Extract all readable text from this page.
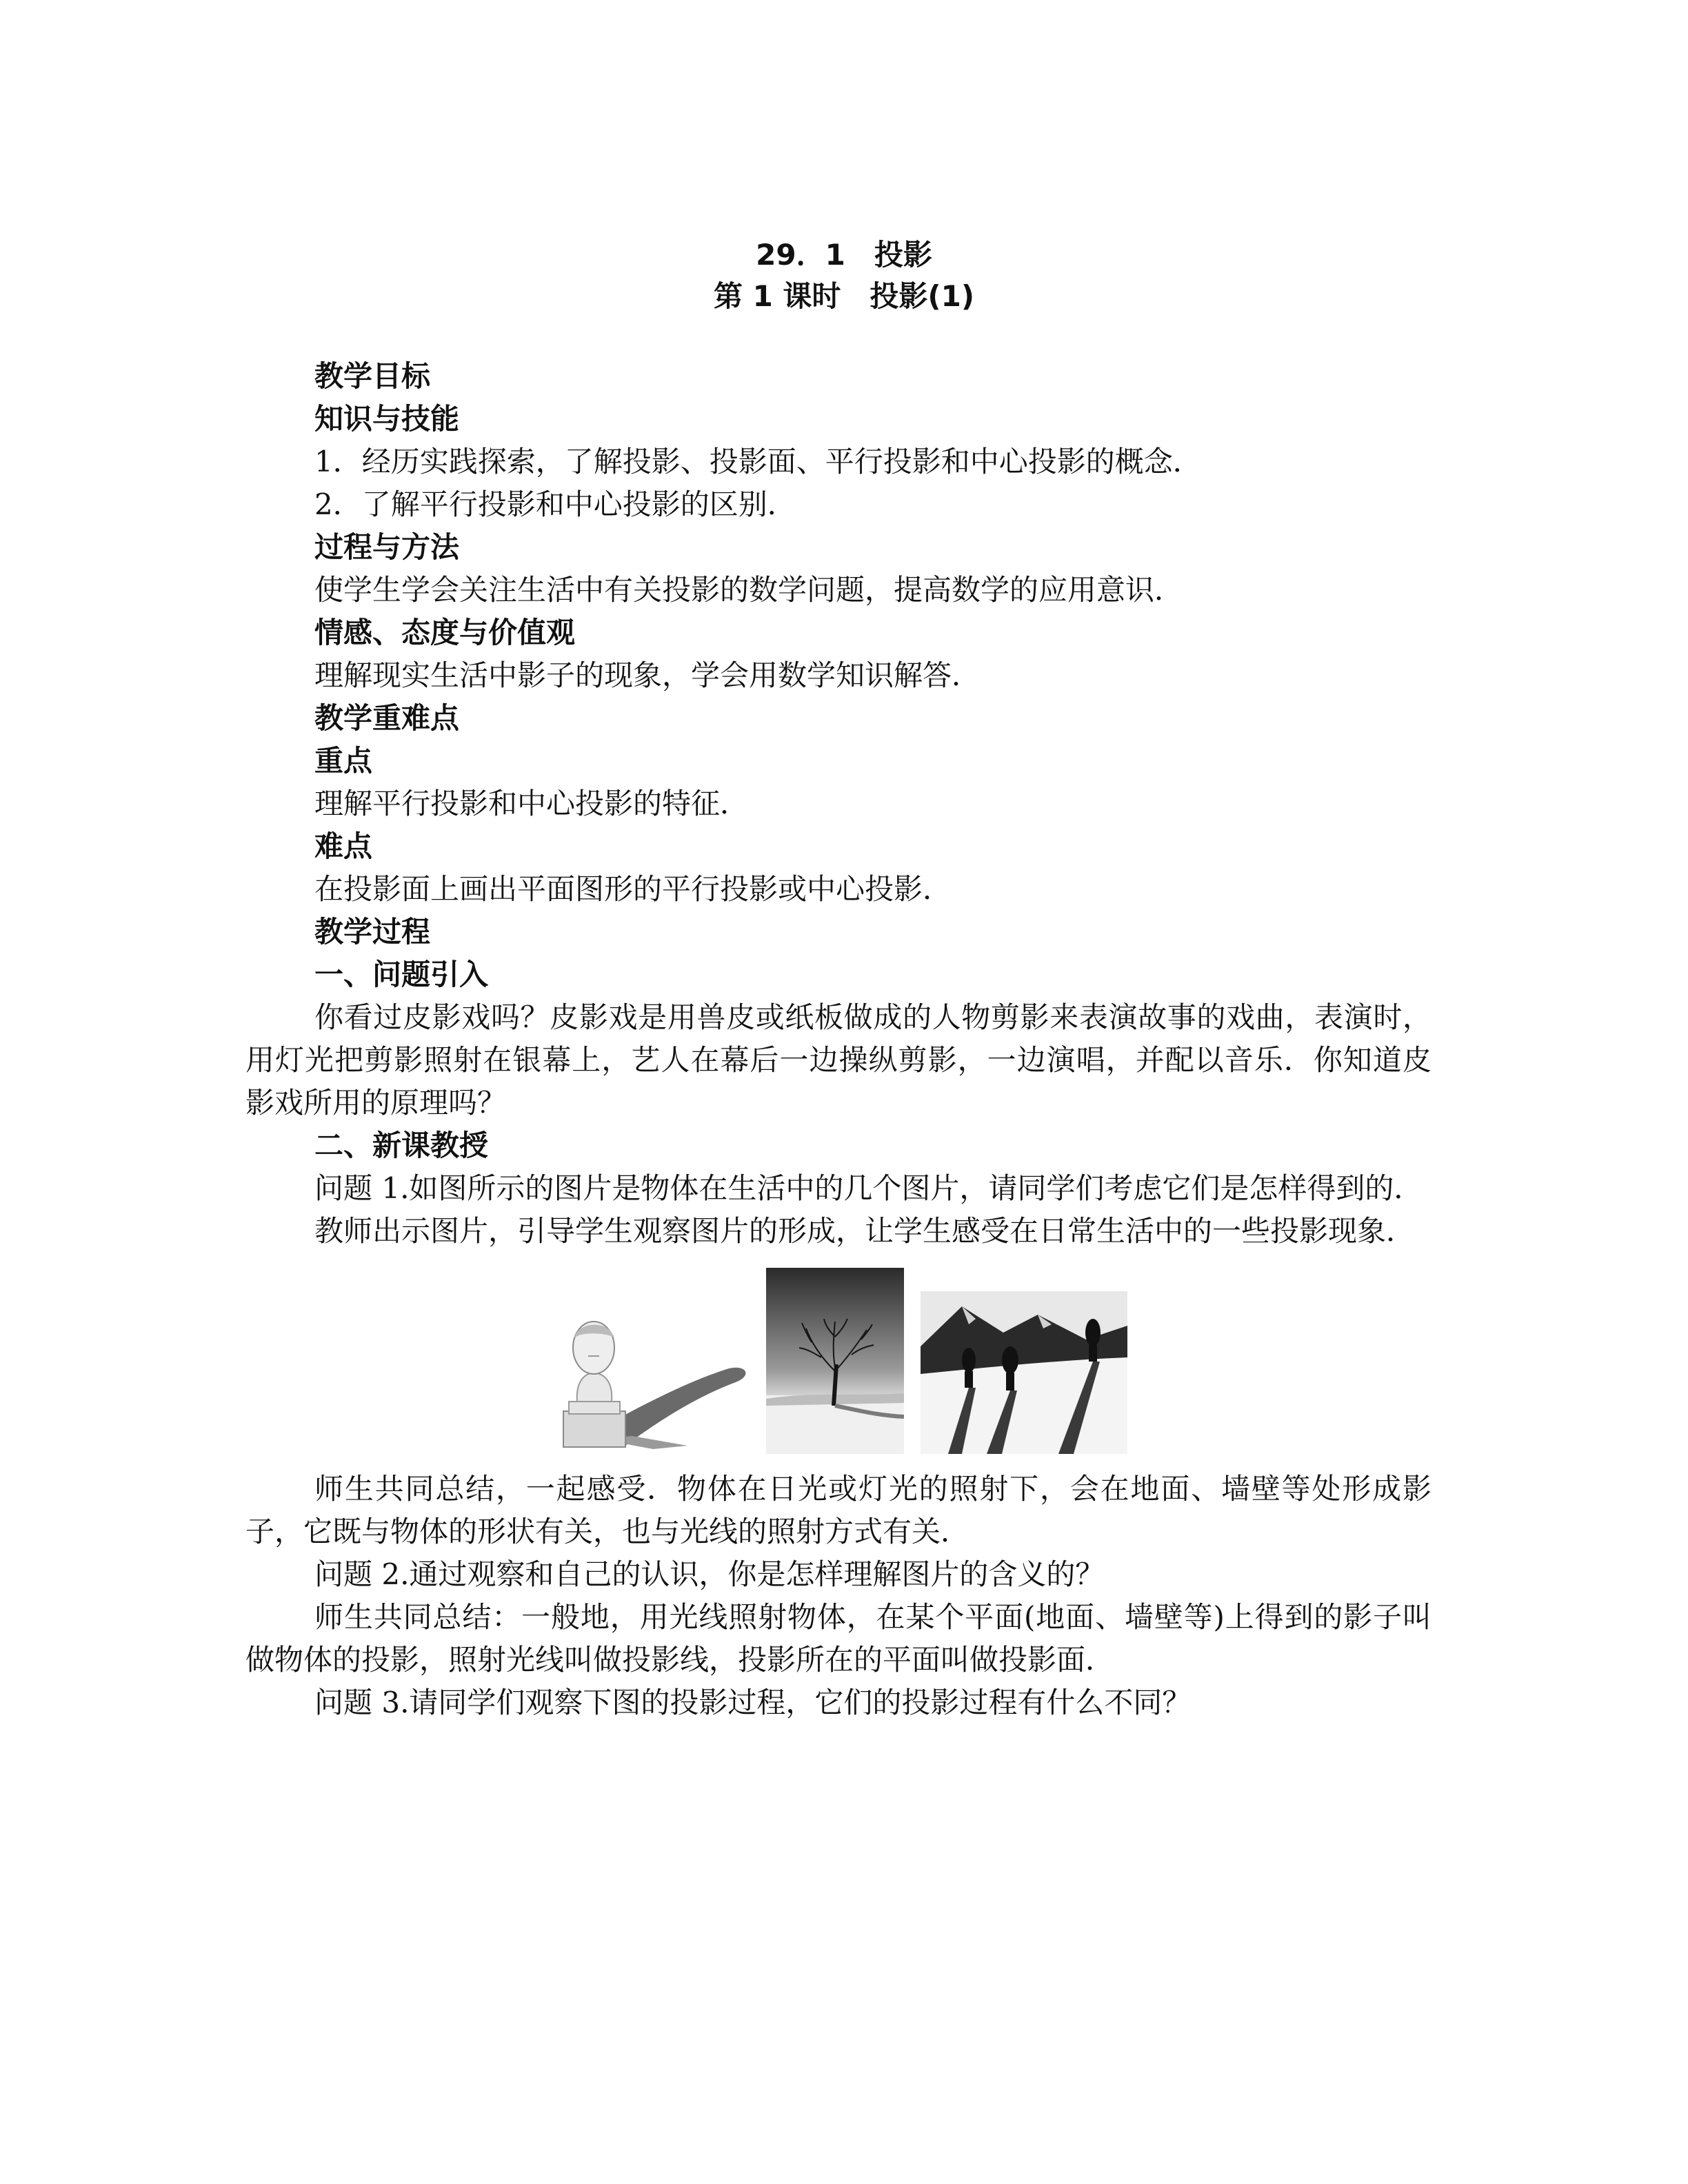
29．1　投影
第 1 课时　投影(1)

教学目标

知识与技能

1．经历实践探索，了解投影、投影面、平行投影和中心投影的概念．

2．了解平行投影和中心投影的区别．

过程与方法

使学生学会关注生活中有关投影的数学问题，提高数学的应用意识．

情感、态度与价值观

理解现实生活中影子的现象，学会用数学知识解答．

教学重难点

重点

理解平行投影和中心投影的特征．

难点

在投影面上画出平面图形的平行投影或中心投影．

教学过程

一、问题引入

你看过皮影戏吗？皮影戏是用兽皮或纸板做成的人物剪影来表演故事的戏曲，表演时，用灯光把剪影照射在银幕上，艺人在幕后一边操纵剪影，一边演唱，并配以音乐．你知道皮影戏所用的原理吗？

二、新课教授

问题 1.如图所示的图片是物体在生活中的几个图片，请同学们考虑它们是怎样得到的．

教师出示图片，引导学生观察图片的形成，让学生感受在日常生活中的一些投影现象．

师生共同总结，一起感受．物体在日光或灯光的照射下，会在地面、墙壁等处形成影子，它既与物体的形状有关，也与光线的照射方式有关．

问题 2.通过观察和自己的认识，你是怎样理解图片的含义的？

师生共同总结：一般地，用光线照射物体，在某个平面(地面、墙壁等)上得到的影子叫做物体的投影，照射光线叫做投影线，投影所在的平面叫做投影面．

问题 3.请同学们观察下图的投影过程，它们的投影过程有什么不同？
